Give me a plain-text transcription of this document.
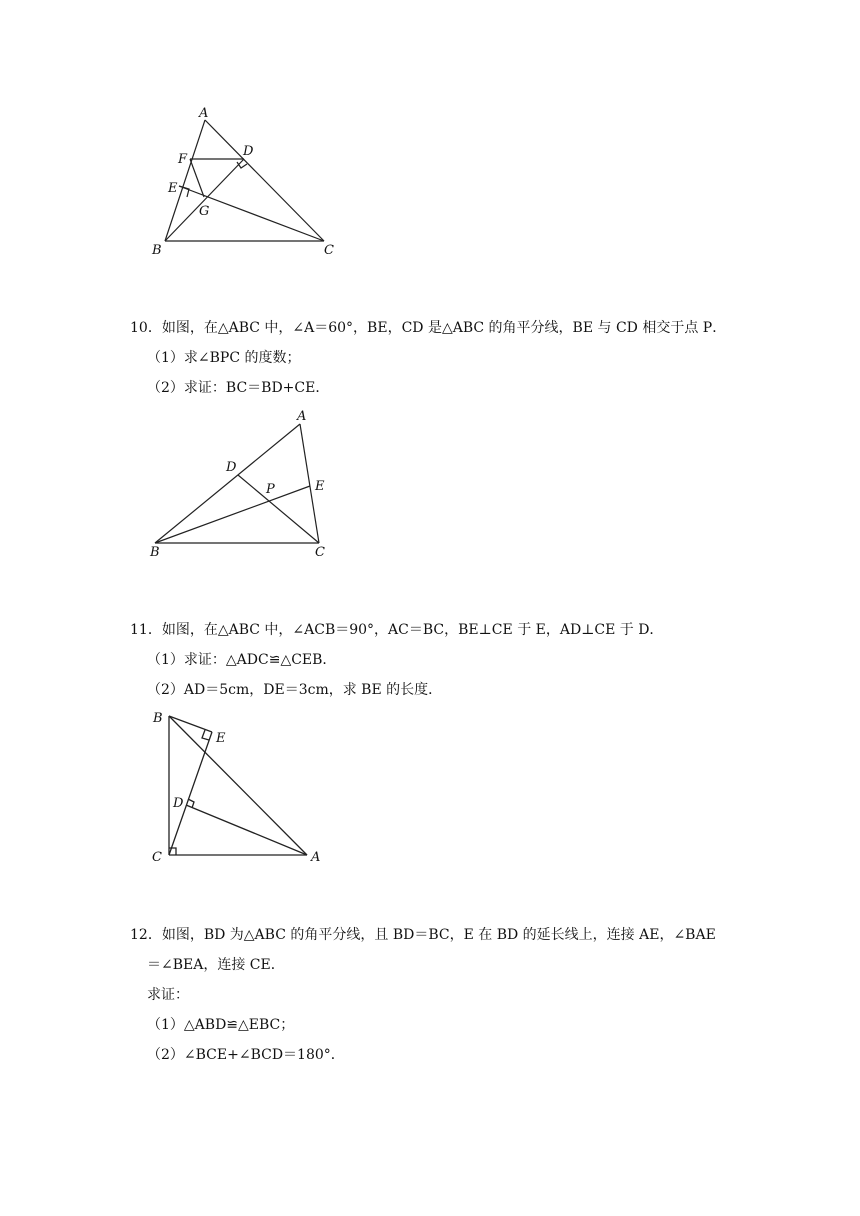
A
B	C
D
E
F
G
10．如图，在△ABC 中，∠A＝60°，BE，CD 是△ABC 的角平分线，BE 与 CD 相交于点 P．
（1）求∠BPC 的度数；
（2）求证：BC＝BD+CE．
A
B	C
D
E
P
11．如图，在△ABC 中，∠ACB＝90°，AC＝BC，BE⊥CE 于 E，AD⊥CE 于 D．
（1）求证：△ADC≌△CEB．
（2）AD＝5cm，DE＝3cm，求 BE 的长度．
B
E
D
C	A
12．如图，BD 为△ABC 的角平分线，且 BD＝BC，E 在 BD 的延长线上，连接 AE，∠BAE
＝∠BEA，连接 CE．
求证：
（1）△ABD≌△EBC；
（2）∠BCE+∠BCD＝180°．
